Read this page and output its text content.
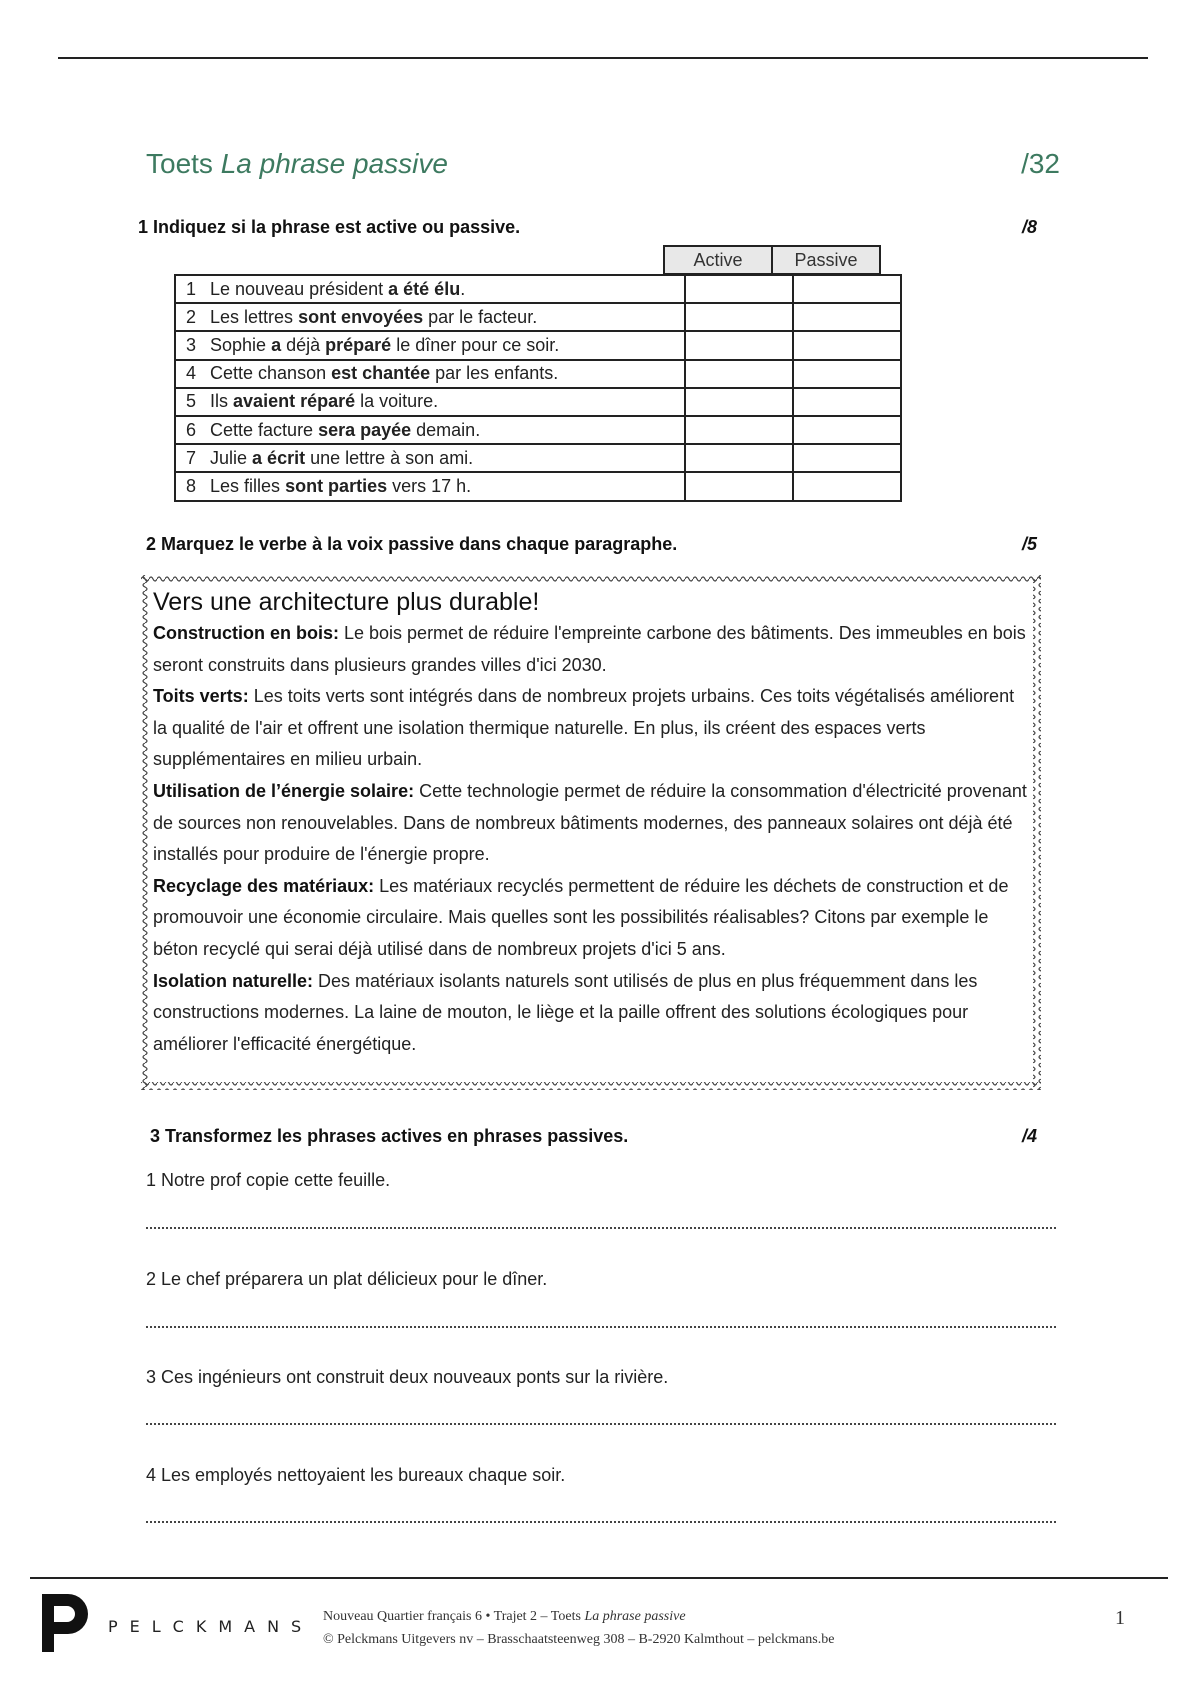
Toets La phrase passive	/32
1 Indiquez si la phrase est active ou passive.	/8
Active	Passive
1	Le nouveau président a été élu.		
2	Les lettres sont envoyées par le facteur.		
3	Sophie a déjà préparé le dîner pour ce soir.		
4	Cette chanson est chantée par les enfants.		
5	Ils avaient réparé la voiture.		
6	Cette facture sera payée demain.		
7	Julie a écrit une lettre à son ami.		
8	Les filles sont parties vers 17 h.		
2 Marquez le verbe à la voix passive dans chaque paragraphe.	/5
Vers une architecture plus durable!

Construction en bois: Le bois permet de réduire l'empreinte carbone des bâtiments. Des immeubles en bois seront construits dans plusieurs grandes villes d'ici 2030.

Toits verts: Les toits verts sont intégrés dans de nombreux projets urbains. Ces toits végétalisés améliorent la qualité de l'air et offrent une isolation thermique naturelle. En plus, ils créent des espaces verts supplémentaires en milieu urbain.

Utilisation de l’énergie solaire: Cette technologie permet de réduire la consommation d'électricité provenant de sources non renouvelables. Dans de nombreux bâtiments modernes, des panneaux solaires ont déjà été installés pour produire de l'énergie propre.

Recyclage des matériaux: Les matériaux recyclés permettent de réduire les déchets de construction et de promouvoir une économie circulaire. Mais quelles sont les possibilités réalisables? Citons par exemple le béton recyclé qui serai déjà utilisé dans de nombreux projets d'ici 5 ans.

Isolation naturelle: Des matériaux isolants naturels sont utilisés de plus en plus fréquemment dans les constructions modernes. La laine de mouton, le liège et la paille offrent des solutions écologiques pour améliorer l'efficacité énergétique.

3 Transformez les phrases actives en phrases passives.	/4
1 Notre prof copie cette feuille.
2 Le chef préparera un plat délicieux pour le dîner.
3 Ces ingénieurs ont construit deux nouveaux ponts sur la rivière.
4 Les employés nettoyaient les bureaux chaque soir.
PELCKMANS
Nouveau Quartier français 6 • Trajet 2 – Toets La phrase passive
© Pelckmans Uitgevers nv – Brasschaatsteenweg 308 – B-2920 Kalmthout – pelckmans.be
1
